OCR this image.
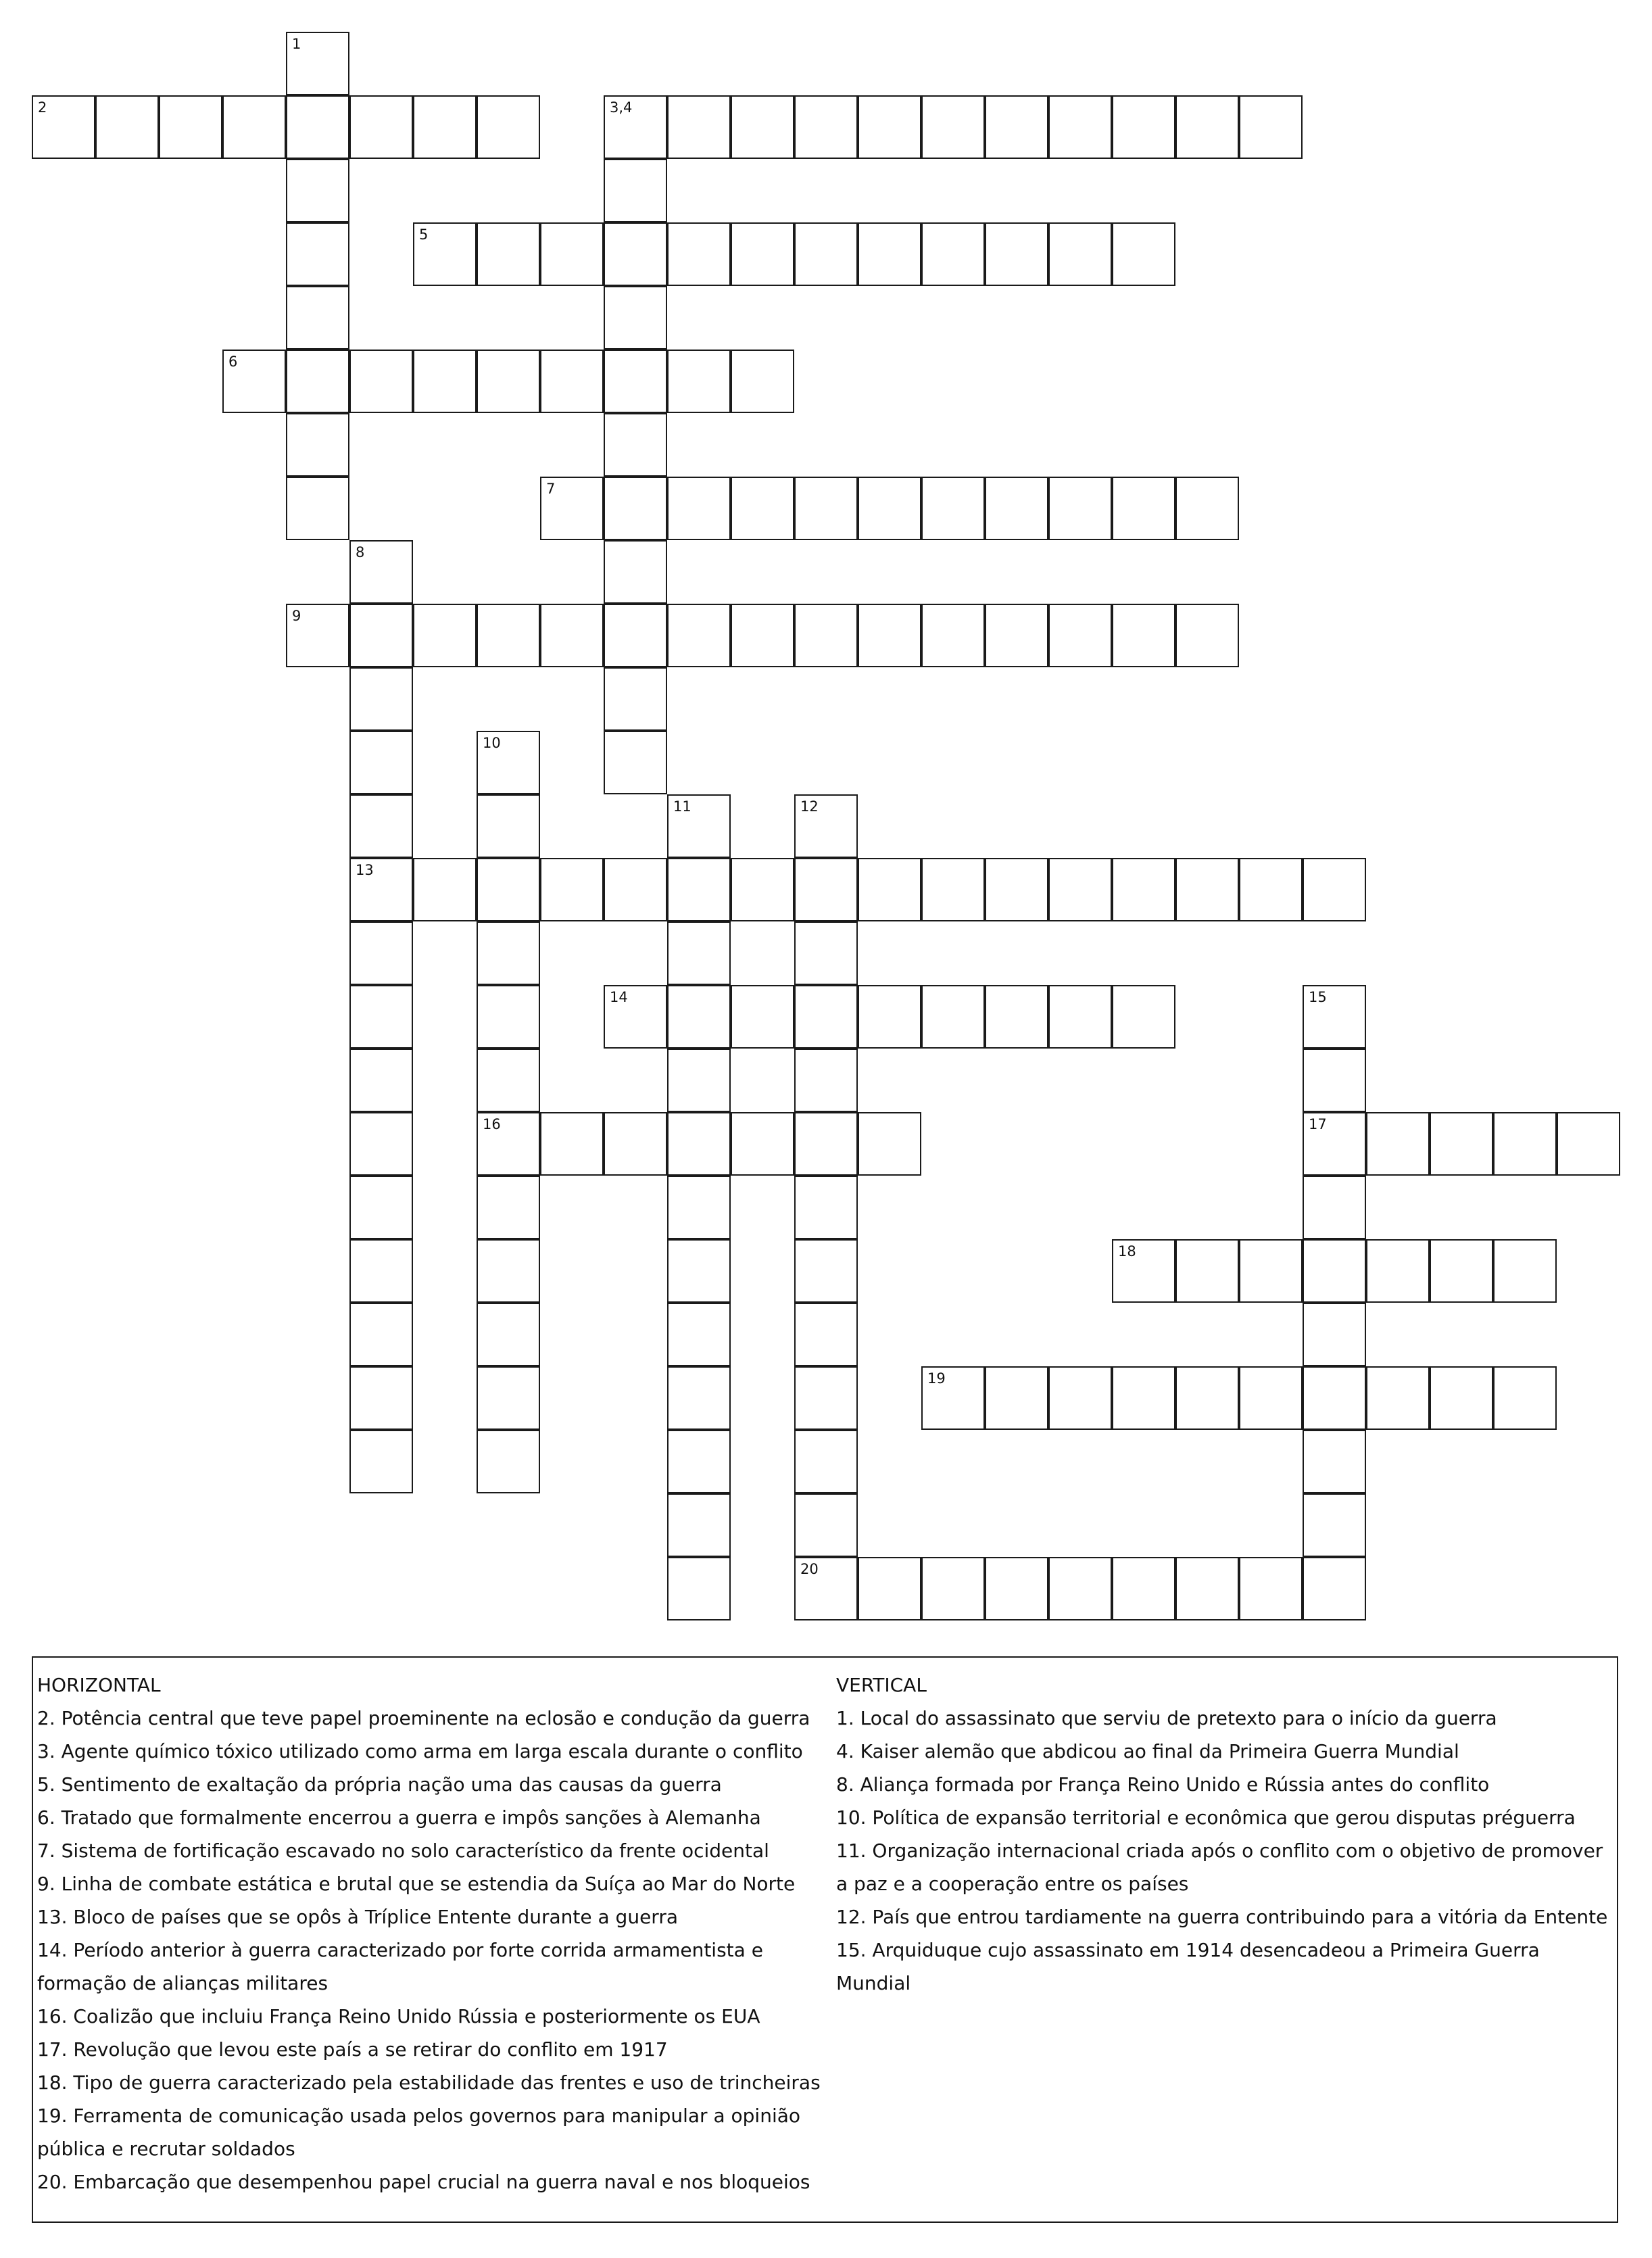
1
2	3,4
5
6
7
8
13
9
10
16
11	12
20
14	15
17
18
19
HORIZONTAL
2. Potência central que teve papel proeminente na eclosão e condução da guerra
3. Agente químico tóxico utilizado como arma em larga escala durante o conflito
5. Sentimento de exaltação da própria nação uma das causas da guerra
6. Tratado que formalmente encerrou a guerra e impôs sanções à Alemanha
7. Sistema de fortificação escavado no solo característico da frente ocidental
9. Linha de combate estática e brutal que se estendia da Suíça ao Mar do Norte
13. Bloco de países que se opôs à Tríplice Entente durante a guerra
14. Período anterior à guerra caracterizado por forte corrida armamentista e formação de alianças militares
16. Coalizão que incluiu França Reino Unido Rússia e posteriormente os EUA
17. Revolução que levou este país a se retirar do conflito em 1917
18. Tipo de guerra caracterizado pela estabilidade das frentes e uso de trincheiras
19. Ferramenta de comunicação usada pelos governos para manipular a opinião pública e recrutar soldados
20. Embarcação que desempenhou papel crucial na guerra naval e nos bloqueios
VERTICAL
1. Local do assassinato que serviu de pretexto para o início da guerra
4. Kaiser alemão que abdicou ao final da Primeira Guerra Mundial
8. Aliança formada por França Reino Unido e Rússia antes do conflito
10. Política de expansão territorial e econômica que gerou disputas préguerra
11. Organização internacional criada após o conflito com o objetivo de promover a paz e a cooperação entre os países
12. País que entrou tardiamente na guerra contribuindo para a vitória da Entente
15. Arquiduque cujo assassinato em 1914 desencadeou a Primeira Guerra Mundial
